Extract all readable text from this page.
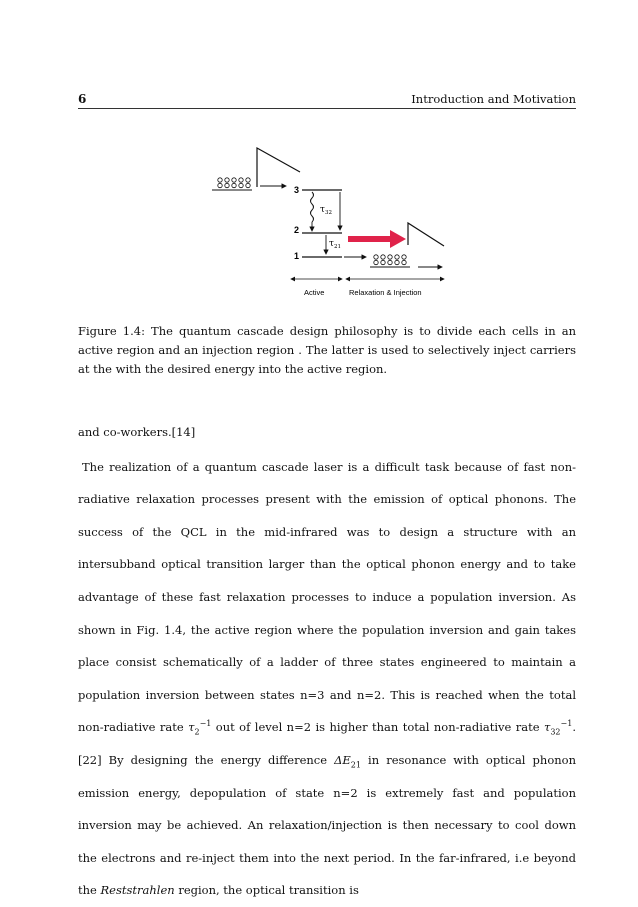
6	Introduction and Motivation
3
2
1
$\tau_{32}$
$\tau_{21}$
Active	Relaxation & Injection
Figure 1.4: The quantum cascade design philosophy is to divide each cells in an active region and an injection region . The latter is used to selectively inject carriers at the with the desired energy into the active region.

and co-workers.[14]

The realization of a quantum cascade laser is a difficult task because of fast non-radiative relaxation processes present with the emission of optical phonons. The success of the QCL in the mid-infrared was to design a structure with an intersubband optical transition larger than the optical phonon energy and to take advantage of these fast relaxation processes to induce a population inversion. As shown in Fig. 1.4, the active region where the population inversion and gain takes place consist schematically of a ladder of three states engineered to maintain a population inversion between states n=3 and n=2. This is reached when the total non-radiative rate $\tau_2^{-1}$ out of level n=2 is higher than total non-radiative rate $\tau_{32}^{-1}.[22]$ By designing the energy difference $\Delta E_{21}$ in resonance with optical phonon emission energy, depopulation of state n=2 is extremely fast and population inversion may be achieved. An relaxation/injection is then necessary to cool down the electrons and re-inject them into the next period. In the far-infrared, i.e beyond the Reststrahlen region, the optical transition is
